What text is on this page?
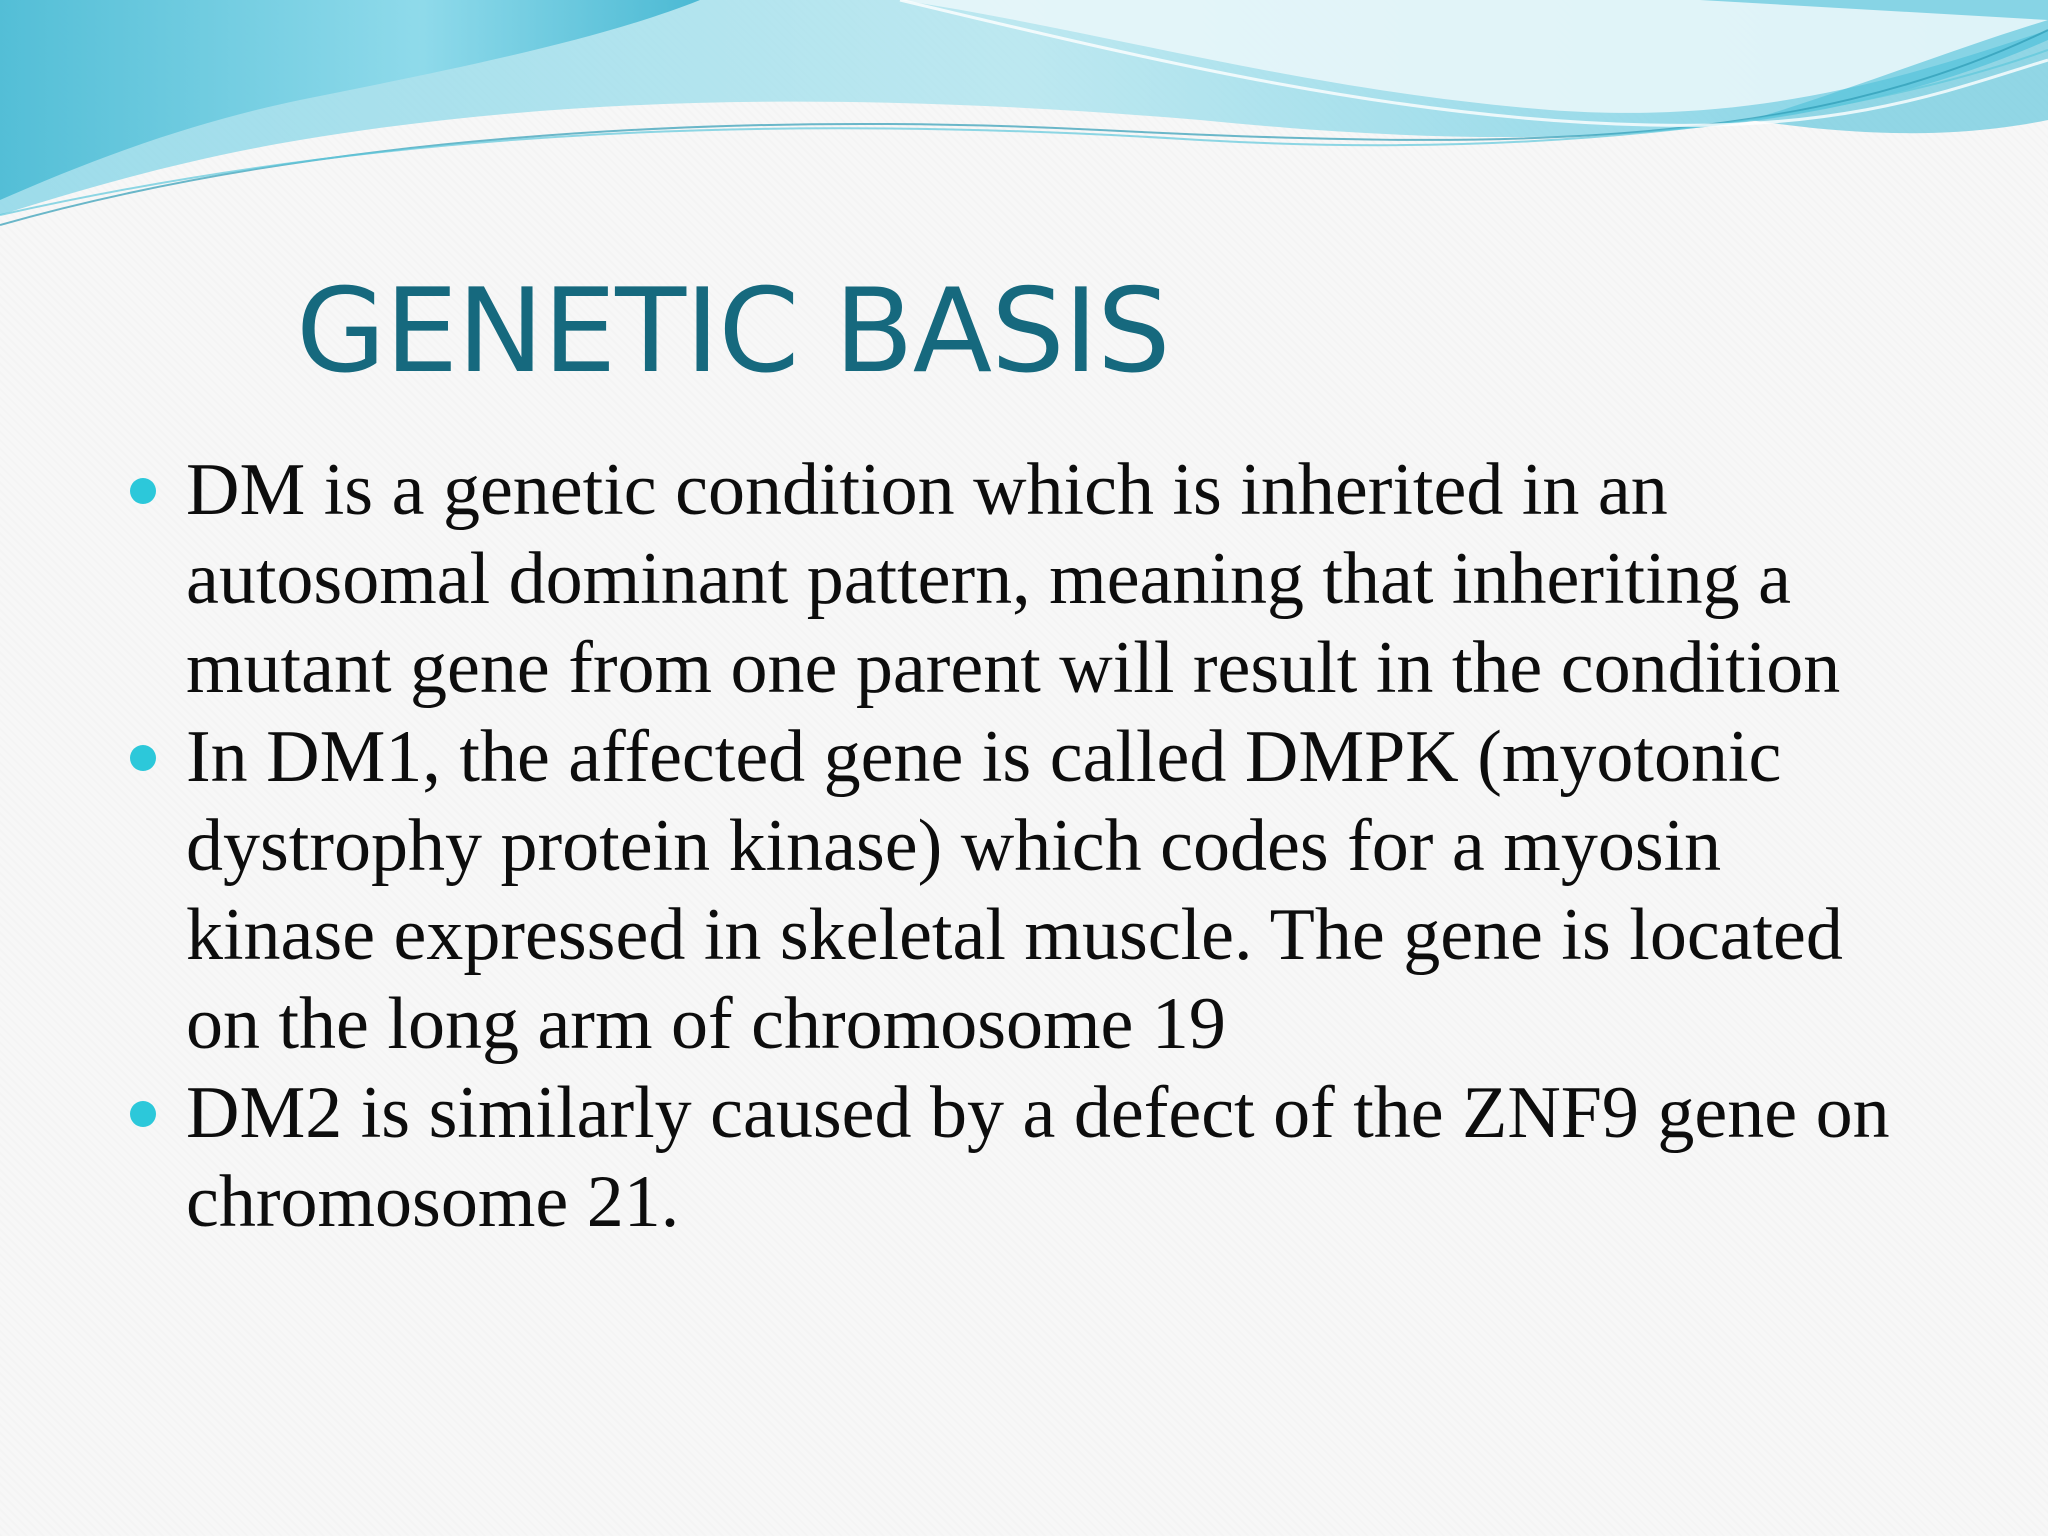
GENETIC BASIS
DM is a genetic condition which is inherited in an autosomal dominant pattern, meaning that inheriting a mutant gene from one parent will result in the condition
In DM1, the affected gene is called DMPK (myotonic dystrophy protein kinase) which codes for a myosin kinase expressed in skeletal muscle. The gene is located on the long arm of chromosome 19
DM2 is similarly caused by a defect of the ZNF9 gene on chromosome 21.
